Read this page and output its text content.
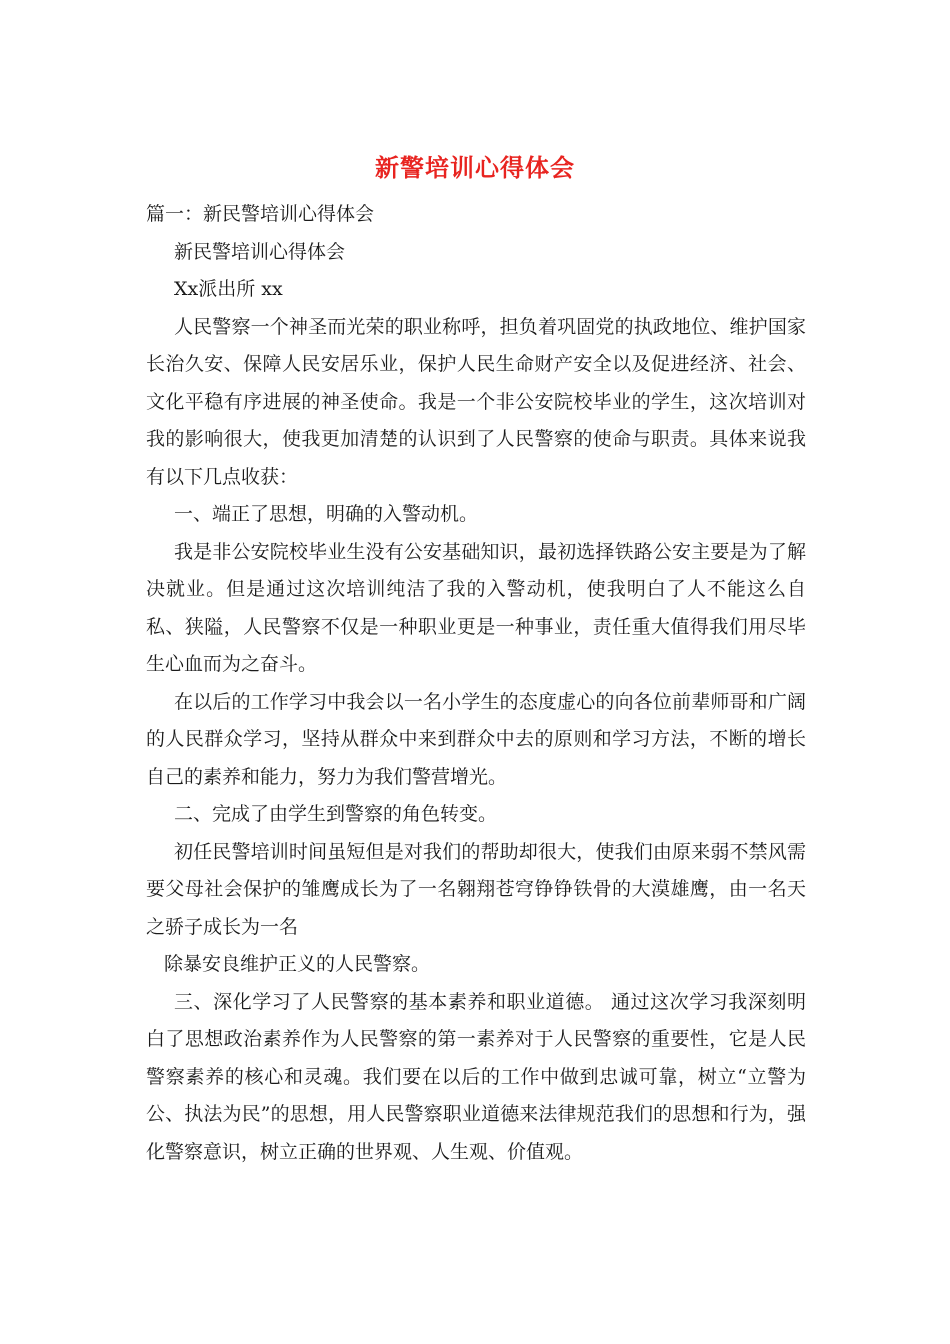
新警培训心得体会

篇一：新民警培训心得体会

新民警培训心得体会

Xx派出所 xx

人民警察一个神圣而光荣的职业称呼，担负着巩固党的执政地位、维护国家长治久安、保障人民安居乐业，保护人民生命财产安全以及促进经济、社会、文化平稳有序进展的神圣使命。我是一个非公安院校毕业的学生，这次培训对我的影响很大，使我更加清楚的认识到了人民警察的使命与职责。具体来说我有以下几点收获：

一、端正了思想，明确的入警动机。

我是非公安院校毕业生没有公安基础知识，最初选择铁路公安主要是为了解决就业。但是通过这次培训纯洁了我的入警动机，使我明白了人不能这么自私、狭隘，人民警察不仅是一种职业更是一种事业，责任重大值得我们用尽毕生心血而为之奋斗。

在以后的工作学习中我会以一名小学生的态度虚心的向各位前辈师哥和广阔的人民群众学习，坚持从群众中来到群众中去的原则和学习方法，不断的增长自己的素养和能力，努力为我们警营增光。

二、完成了由学生到警察的角色转变。

初任民警培训时间虽短但是对我们的帮助却很大，使我们由原来弱不禁风需要父母社会保护的雏鹰成长为了一名翱翔苍穹铮铮铁骨的大漠雄鹰，由一名天之骄子成长为一名

除暴安良维护正义的人民警察。

三、深化学习了人民警察的基本素养和职业道德。 通过这次学习我深刻明白了思想政治素养作为人民警察的第一素养对于人民警察的重要性，它是人民警察素养的核心和灵魂。我们要在以后的工作中做到忠诚可靠，树立“立警为公、执法为民”的思想，用人民警察职业道德来法律规范我们的思想和行为，强化警察意识，树立正确的世界观、人生观、价值观。
